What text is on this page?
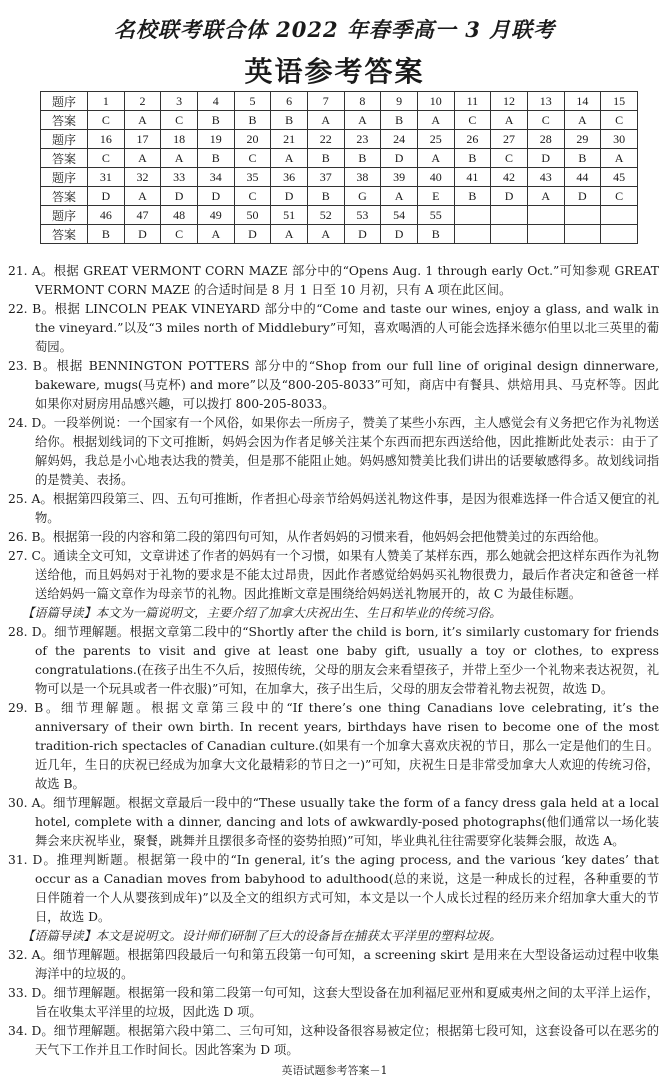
名校联考联合体 2022 年春季高一 3 月联考
英语参考答案
题序	1	2	3	4	5	6	7	8	9	10	11	12	13	14	15
答案	C	A	C	B	B	B	A	A	B	A	C	A	C	A	C
题序	16	17	18	19	20	21	22	23	24	25	26	27	28	29	30
答案	C	A	A	B	C	A	B	B	D	A	B	C	D	B	A
题序	31	32	33	34	35	36	37	38	39	40	41	42	43	44	45
答案	D	A	D	D	C	D	B	G	A	E	B	D	A	D	C
题序	46	47	48	49	50	51	52	53	54	55					
答案	B	D	C	A	D	A	A	D	D	B					

21. A。根据 GREAT VERMONT CORN MAZE 部分中的“Opens Aug. 1 through early Oct.”可知参观 GREAT VERMONT CORN MAZE 的合适时间是 8 月 1 日至 10 月初，只有 A 项在此区间。

22. B。根据 LINCOLN PEAK VINEYARD 部分中的“Come and taste our wines, enjoy a glass, and walk in the vineyard.”以及“3 miles north of Middlebury”可知，喜欢喝酒的人可能会选择米德尔伯里以北三英里的葡萄园。

23. B。根据 BENNINGTON POTTERS 部分中的“Shop from our full line of original design dinnerware, bakeware, mugs(马克杯) and more”以及“800-205-8033”可知，商店中有餐具、烘焙用具、马克杯等。因此如果你对厨房用品感兴趣，可以拨打 800-205-8033。

24. D。一段举例说：一个国家有一个风俗，如果你去一所房子，赞美了某些小东西，主人感觉会有义务把它作为礼物送给你。根据划线词的下文可推断，妈妈会因为作者足够关注某个东西而把东西送给他，因此推断此处表示：由于了解妈妈，我总是小心地表达我的赞美，但是那不能阻止她。妈妈感知赞美比我们讲出的话要敏感得多。故划线词指的是赞美、表扬。

25. A。根据第四段第三、四、五句可推断，作者担心母亲节给妈妈送礼物这件事，是因为很难选择一件合适又便宜的礼物。

26. B。根据第一段的内容和第二段的第四句可知，从作者妈妈的习惯来看，他妈妈会把他赞美过的东西给他。

27. C。通读全文可知，文章讲述了作者的妈妈有一个习惯，如果有人赞美了某样东西，那么她就会把这样东西作为礼物送给他，而且妈妈对于礼物的要求是不能太过昂贵，因此作者感觉给妈妈买礼物很费力，最后作者决定和爸爸一样送给妈妈一篇文章作为母亲节的礼物。因此推断文章是围绕给妈妈送礼物展开的，故 C 为最佳标题。

【语篇导读】本文为一篇说明文，主要介绍了加拿大庆祝出生、生日和毕业的传统习俗。

28. D。细节理解题。根据文章第二段中的“Shortly after the child is born, it’s similarly customary for friends of the parents to visit and give at least one baby gift, usually a toy or clothes, to express congratulations.(在孩子出生不久后，按照传统，父母的朋友会来看望孩子，并带上至少一个礼物来表达祝贺，礼物可以是一个玩具或者一件衣服)”可知，在加拿大，孩子出生后，父母的朋友会带着礼物去祝贺，故选 D。

29. B。细节理解题。根据文章第三段中的“If there’s one thing Canadians love celebrating, it’s the anniversary of their own birth. In recent years, birthdays have risen to become one of the most tradition-rich spectacles of Canadian culture.(如果有一个加拿大喜欢庆祝的节日，那么一定是他们的生日。近几年，生日的庆祝已经成为加拿大文化最精彩的节日之一)”可知，庆祝生日是非常受加拿大人欢迎的传统习俗，故选 B。

30. A。细节理解题。根据文章最后一段中的“These usually take the form of a fancy dress gala held at a local hotel, complete with a dinner, dancing and lots of awkwardly-posed photographs(他们通常以一场化装舞会来庆祝毕业，聚餐，跳舞并且摆很多奇怪的姿势拍照)”可知，毕业典礼往往需要穿化装舞会服，故选 A。

31. D。推理判断题。根据第一段中的“In general, it’s the aging process, and the various ‘key dates’ that occur as a Canadian moves from babyhood to adulthood(总的来说，这是一种成长的过程，各种重要的节日伴随着一个人从婴孩到成年)”以及全文的组织方式可知，本文是以一个人成长过程的经历来介绍加拿大重大的节日，故选 D。

【语篇导读】本文是说明文。设计师们研制了巨大的设备旨在捕获太平洋里的塑料垃圾。

32. A。细节理解题。根据第四段最后一句和第五段第一句可知，a screening skirt 是用来在大型设备运动过程中收集海洋中的垃圾的。

33. D。细节理解题。根据第一段和第二段第一句可知，这套大型设备在加利福尼亚州和夏威夷州之间的太平洋上运作，旨在收集太平洋里的垃圾，因此选 D 项。

34. D。细节理解题。根据第六段中第二、三句可知，这种设备很容易被定位；根据第七段可知，这套设备可以在恶劣的天气下工作并且工作时间长。因此答案为 D 项。

英语试题参考答案－1
